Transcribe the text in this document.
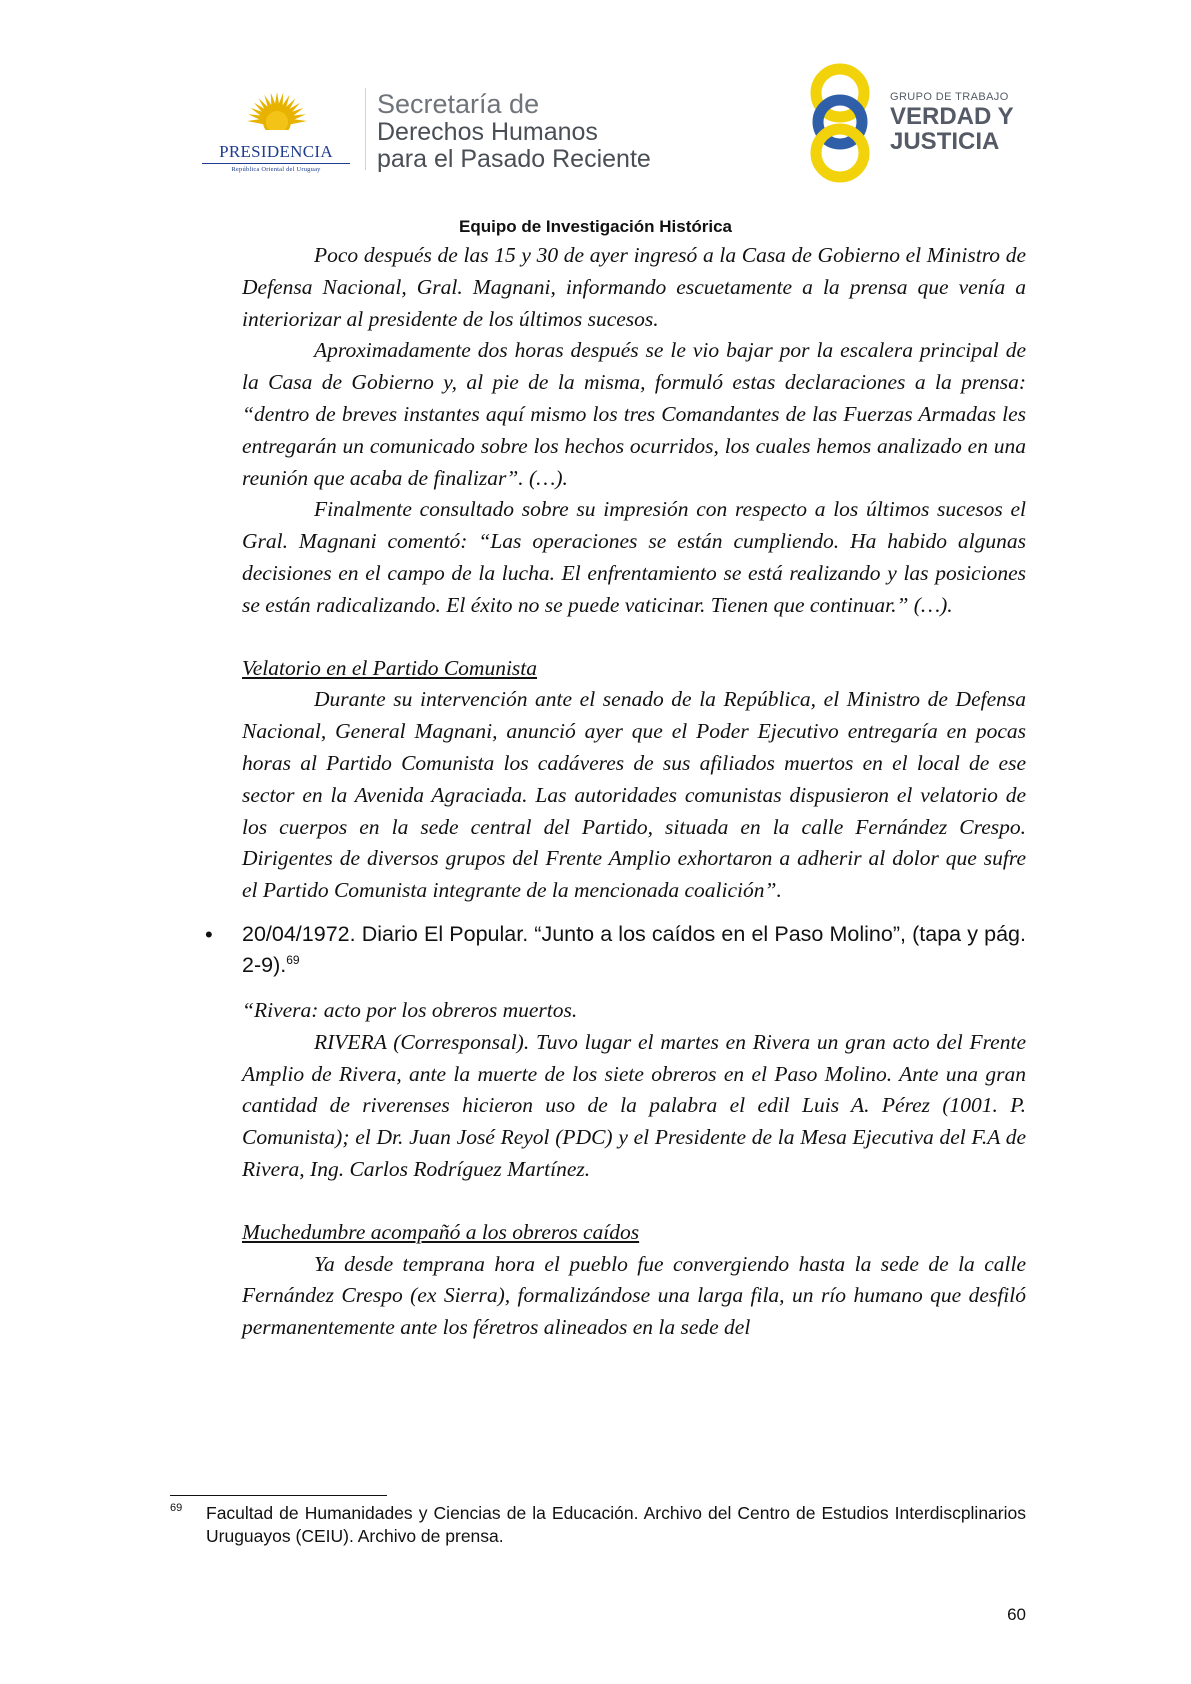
PRESIDENCIA
República Oriental del Uruguay
Secretaría de
Derechos Humanos
para el Pasado Reciente
GRUPO DE TRABAJO
VERDAD Y
JUSTICIA
Equipo de Investigación Histórica

Poco después de las 15 y 30 de ayer ingresó a la Casa de Gobierno el Ministro de Defensa Nacional, Gral. Magnani, informando escuetamente a la prensa que venía a interiorizar al presidente de los últimos sucesos.

Aproximadamente dos horas después se le vio bajar por la escalera principal de la Casa de Gobierno y, al pie de la misma, formuló estas declaraciones a la prensa: “dentro de breves instantes aquí mismo los tres Comandantes de las Fuerzas Armadas les entregarán un comunicado sobre los hechos ocurridos, los cuales hemos analizado en una reunión que acaba de finalizar”. (…).

Finalmente consultado sobre su impresión con respecto a los últimos sucesos el Gral. Magnani comentó: “Las operaciones se están cumpliendo. Ha habido algunas decisiones en el campo de la lucha. El enfrentamiento se está realizando y las posiciones se están radicalizando. El éxito no se puede vaticinar. Tienen que continuar.” (…).

Velatorio en el Partido Comunista

Durante su intervención ante el senado de la República, el Ministro de Defensa Nacional, General Magnani, anunció ayer que el Poder Ejecutivo entregaría en pocas horas al Partido Comunista los cadáveres de sus afiliados muertos en el local de ese sector en la Avenida Agraciada. Las autoridades comunistas dispusieron el velatorio de los cuerpos en la sede central del Partido, situada en la calle Fernández Crespo. Dirigentes de diversos grupos del Frente Amplio exhortaron a adherir al dolor que sufre el Partido Comunista integrante de la mencionada coalición”.

• 20/04/1972. Diario El Popular. “Junto a los caídos en el Paso Molino”, (tapa y pág. 2-9).$^{69}$

“Rivera: acto por los obreros muertos.

RIVERA (Corresponsal). Tuvo lugar el martes en Rivera un gran acto del Frente Amplio de Rivera, ante la muerte de los siete obreros en el Paso Molino. Ante una gran cantidad de riverenses hicieron uso de la palabra el edil Luis A. Pérez (1001. P. Comunista); el Dr. Juan José Reyol (PDC) y el Presidente de la Mesa Ejecutiva del F.A de Rivera, Ing. Carlos Rodríguez Martínez.

Muchedumbre acompañó a los obreros caídos

Ya desde temprana hora el pueblo fue convergiendo hasta la sede de la calle Fernández Crespo (ex Sierra), formalizándose una larga fila, un río humano que desfiló permanentemente ante los féretros alineados en la sede del

69 Facultad de Humanidades y Ciencias de la Educación. Archivo del Centro de Estudios Interdiscplinarios Uruguayos (CEIU). Archivo de prensa.
60
